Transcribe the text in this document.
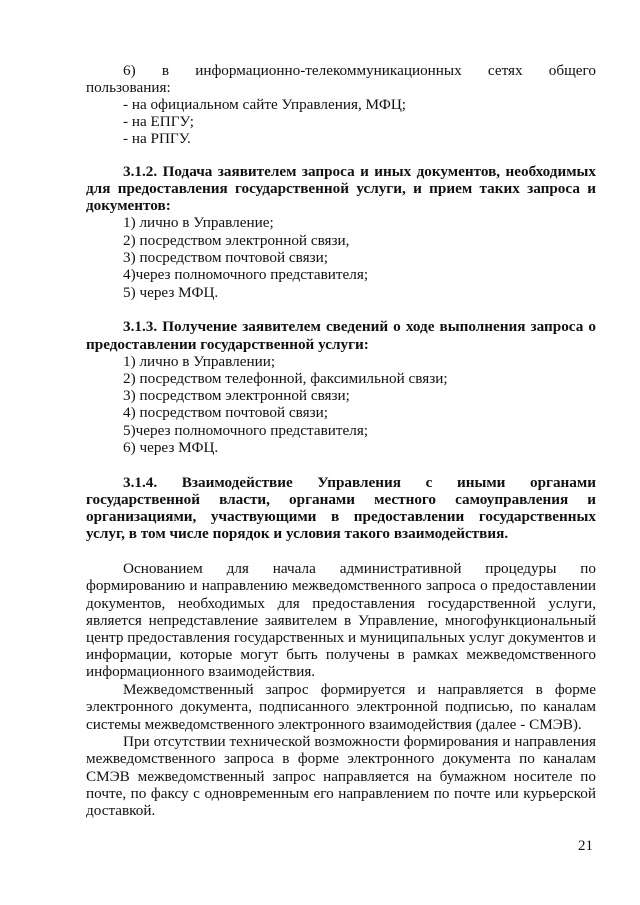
6) в информационно-телекоммуникационных сетях общего
пользования:
- на официальном сайте Управления, МФЦ;
- на ЕПГУ;
- на РПГУ.
3.1.2. Подача заявителем запроса и иных документов, необходимых
для предоставления государственной услуги, и прием таких запроса и
документов:
1) лично в Управление;
2) посредством электронной связи,
3) посредством почтовой связи;
4)через полномочного представителя;
5) через МФЦ.
3.1.3. Получение заявителем сведений о ходе выполнения запроса о
предоставлении государственной услуги:
1) лично в Управлении;
2) посредством телефонной, факсимильной связи;
3) посредством электронной связи;
4) посредством почтовой связи;
5)через полномочного представителя;
6) через МФЦ.
3.1.4. Взаимодействие Управления с иными органами
государственной власти, органами местного самоуправления и
организациями, участвующими в предоставлении государственных
услуг, в том числе порядок и условия такого взаимодействия.
Основанием для начала административной процедуры по
формированию и направлению межведомственного запроса о предоставлении
документов, необходимых для предоставления государственной услуги,
является непредставление заявителем в Управление, многофункциональный
центр предоставления государственных и муниципальных услуг документов и
информации, которые могут быть получены в рамках межведомственного
информационного взаимодействия.
Межведомственный запрос формируется и направляется в форме
электронного документа, подписанного электронной подписью, по каналам
системы межведомственного электронного взаимодействия (далее - СМЭВ).
При отсутствии технической возможности формирования и направления
межведомственного запроса в форме электронного документа по каналам
СМЭВ межведомственный запрос направляется на бумажном носителе по
почте, по факсу с одновременным его направлением по почте или курьерской
доставкой.
21
